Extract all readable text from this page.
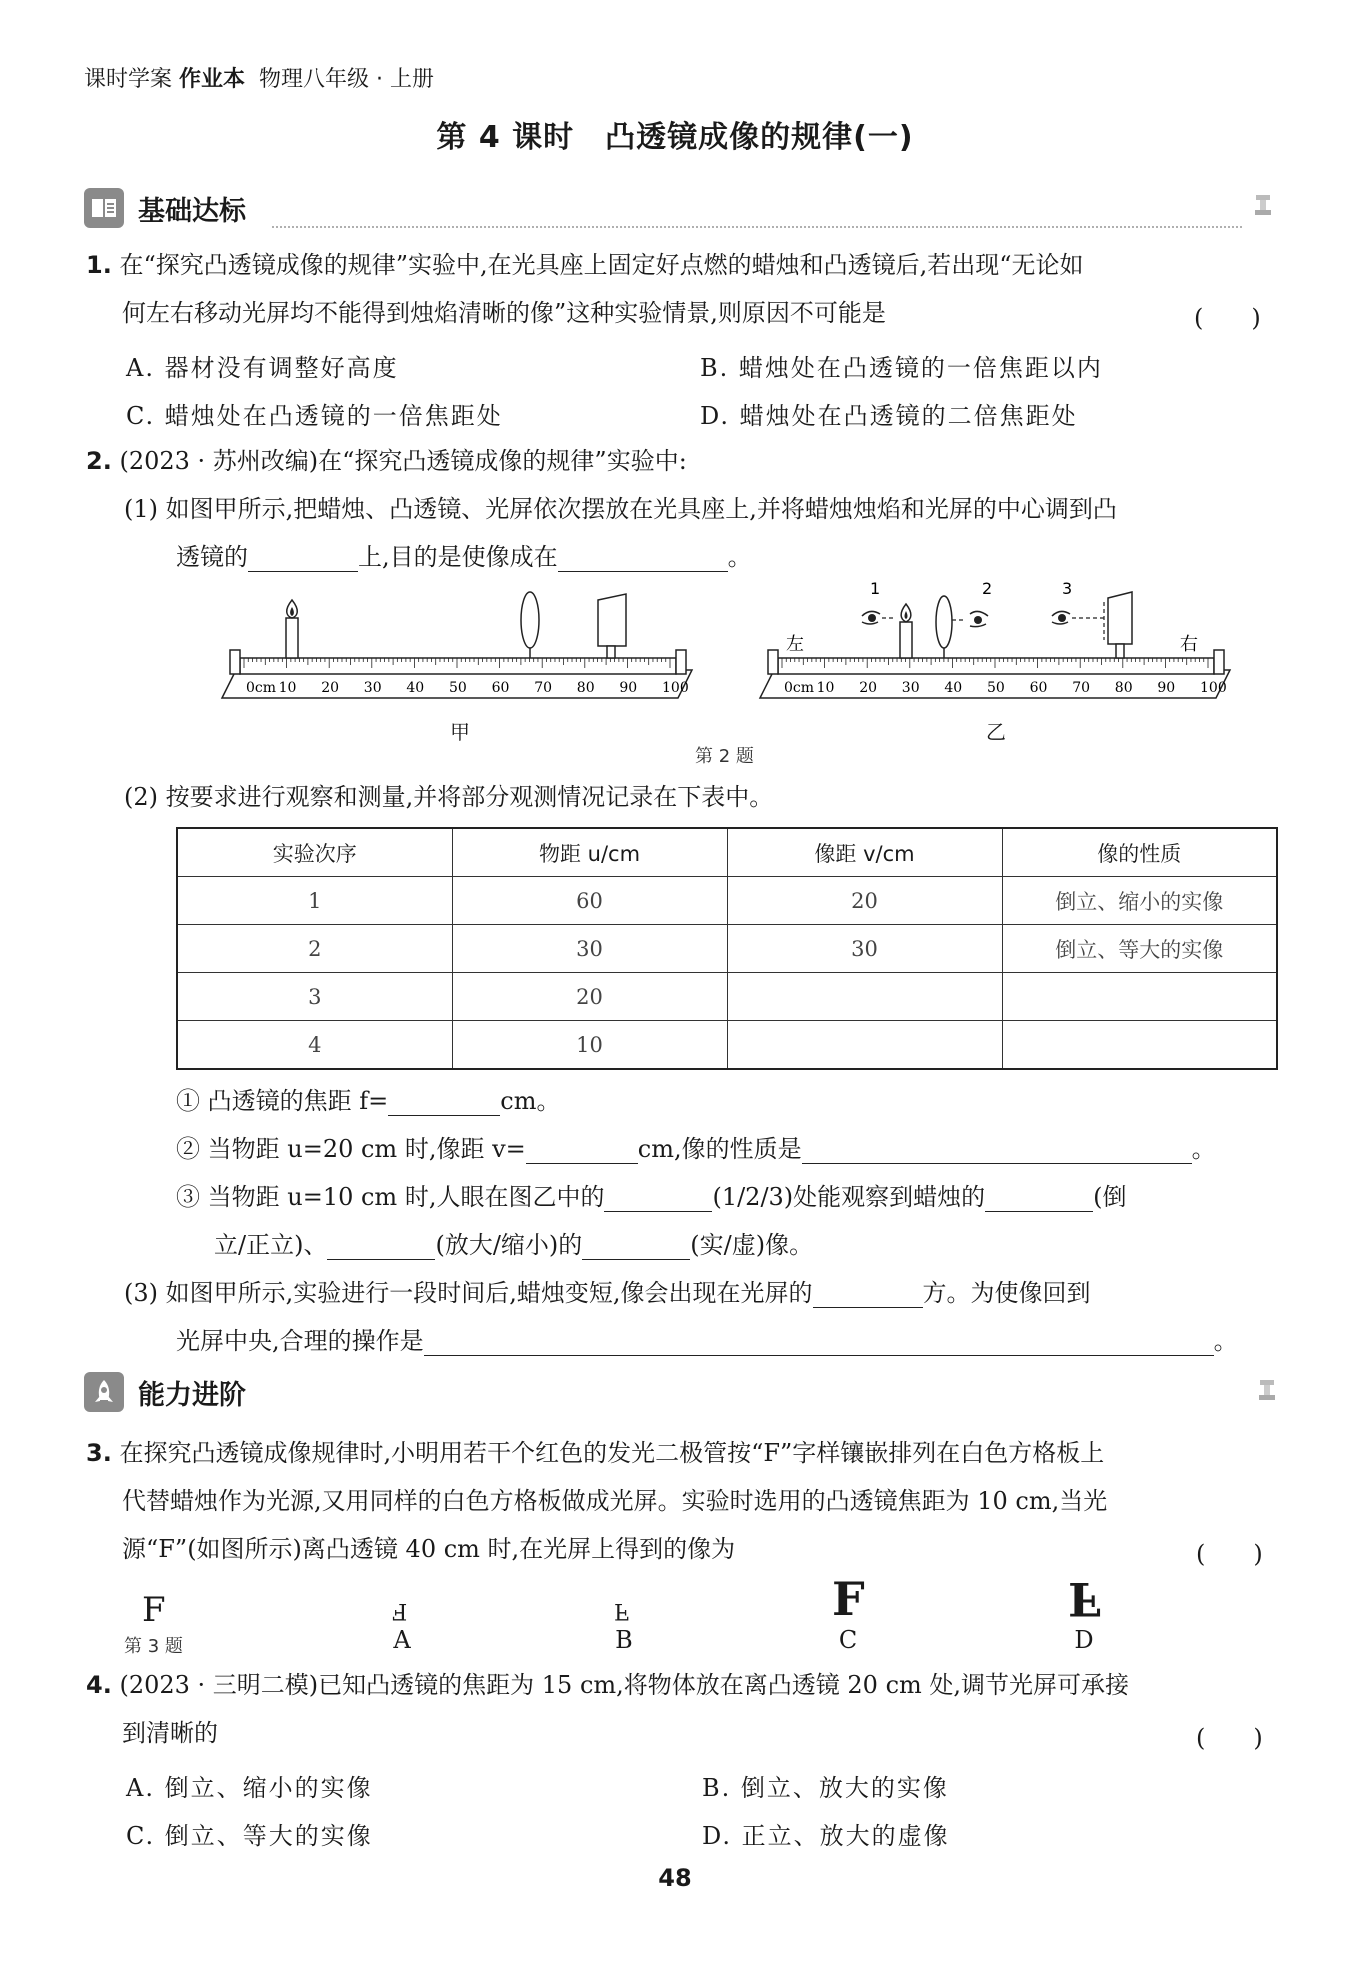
课时学案 作业本 物理八年级 · 上册
第 4 课时　凸透镜成像的规律(一)
基础达标
1. 在“探究凸透镜成像的规律”实验中,在光具座上固定好点燃的蜡烛和凸透镜后,若出现“无论如
何左右移动光屏均不能得到烛焰清晰的像”这种实验情景,则原因不可能是	(　　)
A. 器材没有调整好高度	B. 蜡烛处在凸透镜的一倍焦距以内
C. 蜡烛处在凸透镜的一倍焦距处	D. 蜡烛处在凸透镜的二倍焦距处
2. (2023 · 苏州改编)在“探究凸透镜成像的规律”实验中:
(1) 如图甲所示,把蜡烛、凸透镜、光屏依次摆放在光具座上,并将蜡烛烛焰和光屏的中心调到凸
透镜的	上,目的是使像成在	。
0cm 10 20 30 40 50 60 70 80 90 100
甲
0cm 10 20 30 40 50 60 70 80 90 100
左	右
1	2	3
乙
第 2 题
(2) 按要求进行观察和测量,并将部分观测情况记录在下表中。
实验次序	物距 u/cm	像距 v/cm	像的性质
1	60	20	倒立、缩小的实像
2	30	30	倒立、等大的实像
3	20		
4	10		
① 凸透镜的焦距 f=	cm。
② 当物距 u=20 cm 时,像距 v=	cm,像的性质是	。
③ 当物距 u=10 cm 时,人眼在图乙中的	(1/2/3)处能观察到蜡烛的	(倒
立/正立)、	(放大/缩小)的	(实/虚)像。
(3) 如图甲所示,实验进行一段时间后,蜡烛变短,像会出现在光屏的	方。为使像回到
光屏中央,合理的操作是	。
能力进阶
3. 在探究凸透镜成像规律时,小明用若干个红色的发光二极管按“F”字样镶嵌排列在白色方格板上
代替蜡烛作为光源,又用同样的白色方格板做成光屏。实验时选用的凸透镜焦距为 10 cm,当光
源“F”(如图所示)离凸透镜 40 cm 时,在光屏上得到的像为	(　　)
F
第 3 题
F
A
F
B
F
C
F
D
4. (2023 · 三明二模)已知凸透镜的焦距为 15 cm,将物体放在离凸透镜 20 cm 处,调节光屏可承接
到清晰的	(　　)
A. 倒立、缩小的实像	B. 倒立、放大的实像
C. 倒立、等大的实像	D. 正立、放大的虚像
48
